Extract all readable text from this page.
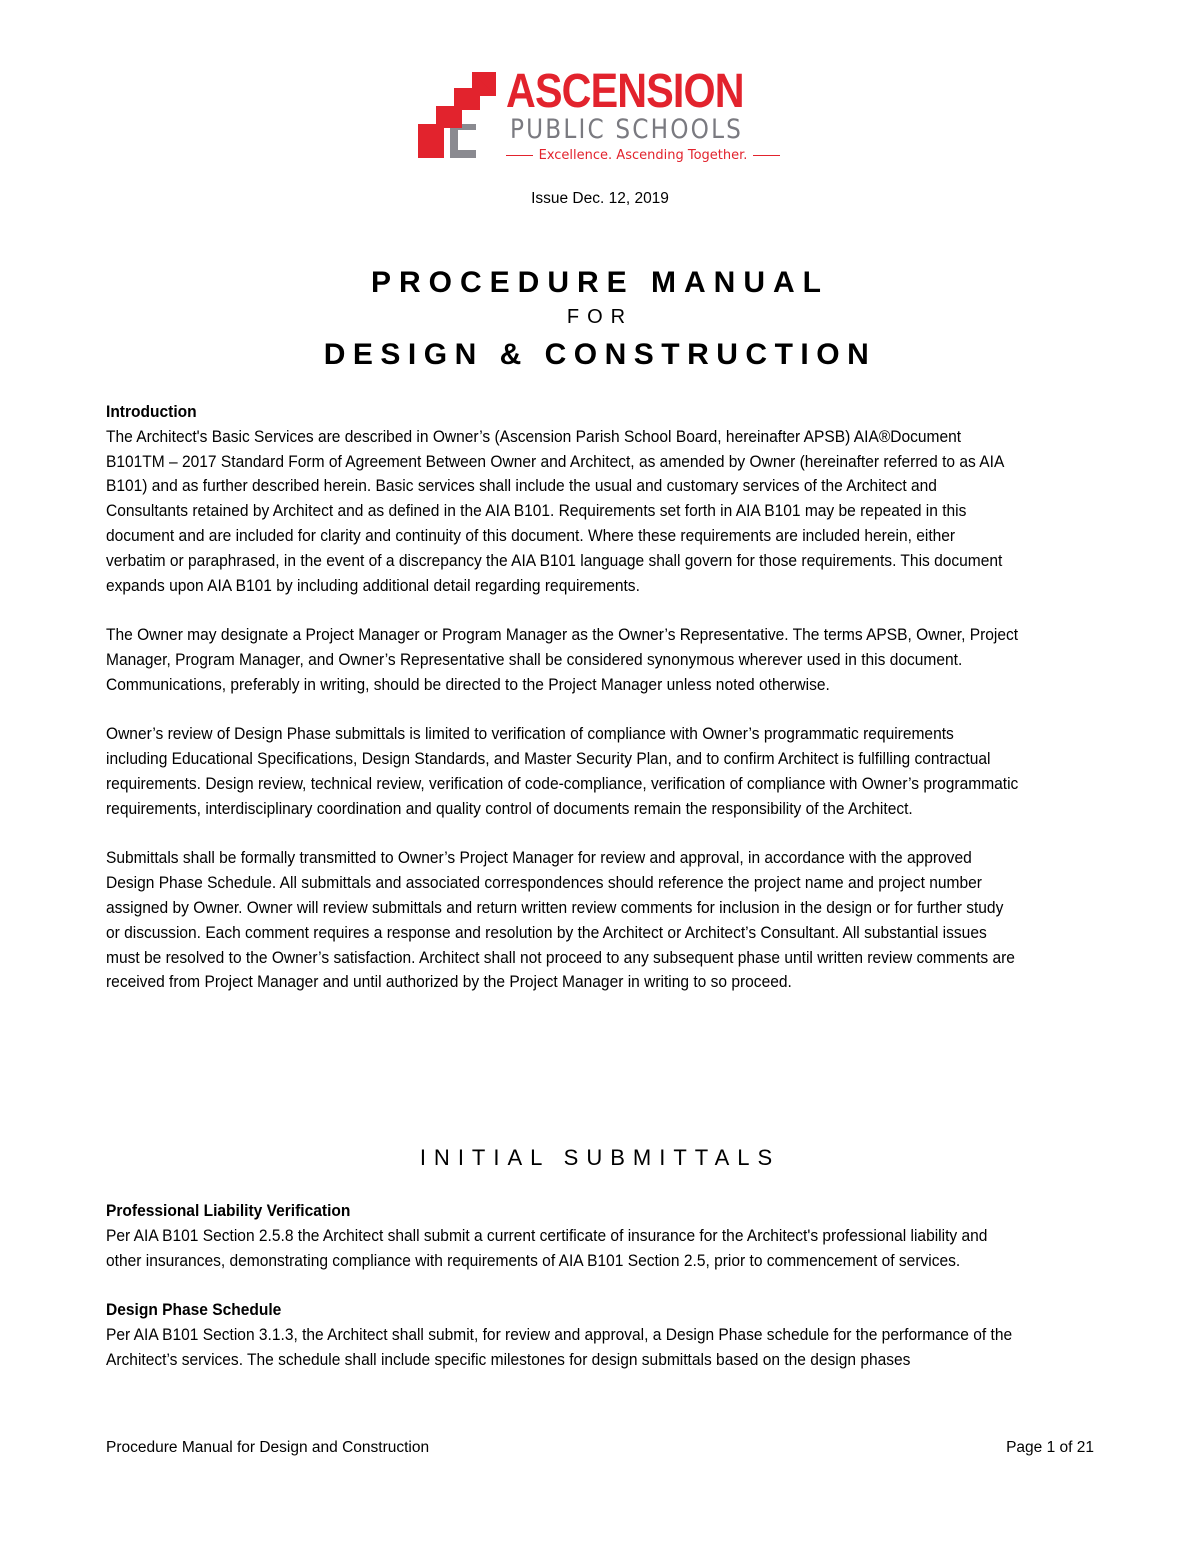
ASCENSION
PUBLIC SCHOOLS
Excellence. Ascending Together.
Issue Dec. 12, 2019
PROCEDURE MANUAL
FOR
DESIGN & CONSTRUCTION

Introduction

The Architect's Basic Services are described in Owner’s (Ascension Parish School Board, hereinafter APSB) AIA®Document B101TM – 2017 Standard Form of Agreement Between Owner and Architect, as amended by Owner (hereinafter referred to as AIA B101) and as further described herein. Basic services shall include the usual and customary services of the Architect and Consultants retained by Architect and as defined in the AIA B101. Requirements set forth in AIA B101 may be repeated in this document and are included for clarity and continuity of this document. Where these requirements are included herein, either verbatim or paraphrased, in the event of a discrepancy the AIA B101 language shall govern for those requirements. This document expands upon AIA B101 by including additional detail regarding requirements.

The Owner may designate a Project Manager or Program Manager as the Owner’s Representative. The terms APSB, Owner, Project Manager, Program Manager, and Owner’s Representative shall be considered synonymous wherever used in this document. Communications, preferably in writing, should be directed to the Project Manager unless noted otherwise.

Owner’s review of Design Phase submittals is limited to verification of compliance with Owner’s programmatic requirements including Educational Specifications, Design Standards, and Master Security Plan, and to confirm Architect is fulfilling contractual requirements. Design review, technical review, verification of code-compliance, verification of compliance with Owner’s programmatic requirements, interdisciplinary coordination and quality control of documents remain the responsibility of the Architect.

Submittals shall be formally transmitted to Owner’s Project Manager for review and approval, in accordance with the approved Design Phase Schedule. All submittals and associated correspondences should reference the project name and project number assigned by Owner. Owner will review submittals and return written review comments for inclusion in the design or for further study or discussion. Each comment requires a response and resolution by the Architect or Architect’s Consultant. All substantial issues must be resolved to the Owner’s satisfaction. Architect shall not proceed to any subsequent phase until written review comments are received from Project Manager and until authorized by the Project Manager in writing to so proceed.

INITIAL SUBMITTALS

Professional Liability Verification

Per AIA B101 Section 2.5.8 the Architect shall submit a current certificate of insurance for the Architect's professional liability and other insurances, demonstrating compliance with requirements of AIA B101 Section 2.5, prior to commencement of services.

Design Phase Schedule

Per AIA B101 Section 3.1.3, the Architect shall submit, for review and approval, a Design Phase schedule for the performance of the Architect’s services. The schedule shall include specific milestones for design submittals based on the design phases

Procedure Manual for Design and Construction	Page 1 of 21
